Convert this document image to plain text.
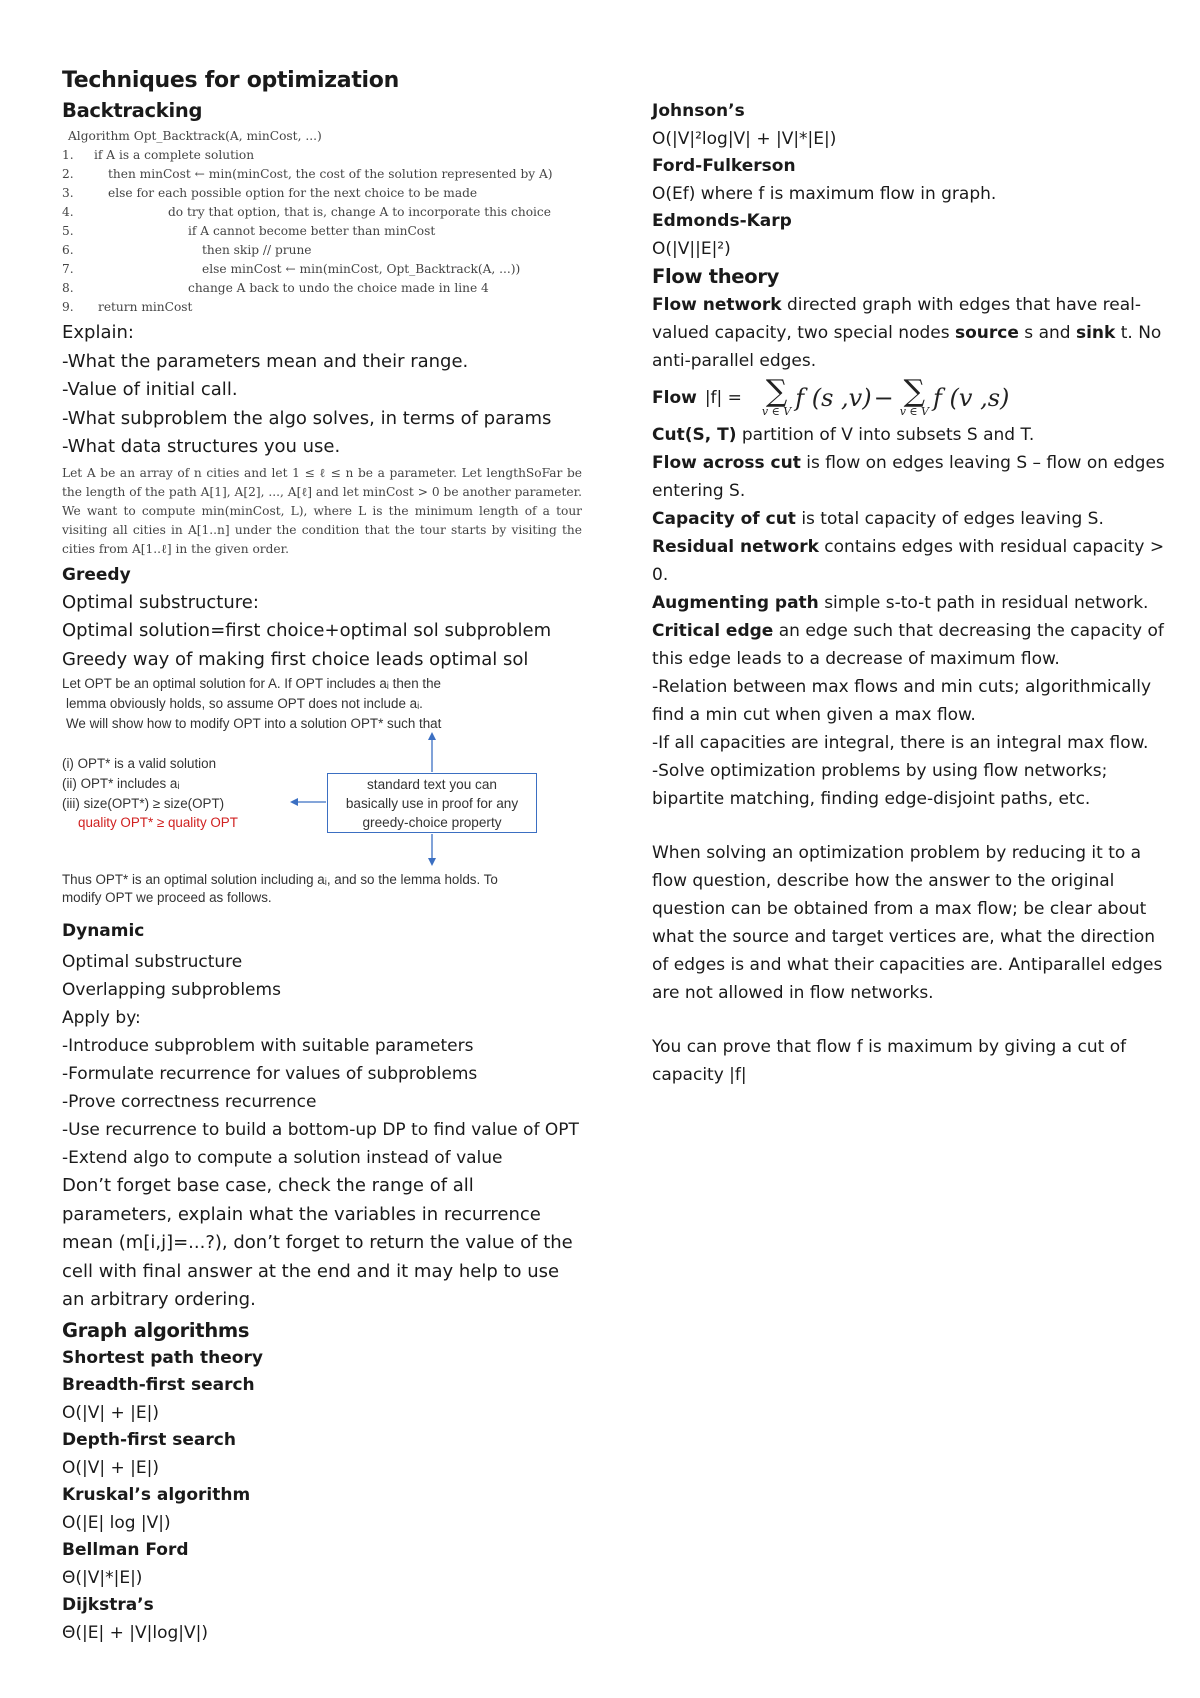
Techniques for optimization
Backtracking
Algorithm Opt_Backtrack(A, minCost, ...)
1.	if A is a complete solution
2.	then minCost ← min(minCost, the cost of the solution represented by A)
3.	else for each possible option for the next choice to be made
4.	do try that option, that is, change A to incorporate this choice
5.	if A cannot become better than minCost
6.	then skip // prune
7.	else minCost ← min(minCost, Opt_Backtrack(A, ...))
8.	change A back to undo the choice made in line 4
9.	return minCost
Explain:
-What the parameters mean and their range.
-Value of initial call.
-What subproblem the algo solves, in terms of params
-What data structures you use.

Let A be an array of n cities and let 1 ≤ ℓ ≤ n be a parameter. Let lengthSoFar be the length of the path A[1], A[2], ..., A[ℓ] and let minCost > 0 be another parameter. We want to compute min(minCost, L), where L is the minimum length of a tour visiting all cities in A[1..n] under the condition that the tour starts by visiting the cities from A[1..ℓ] in the given order.

Greedy
Optimal substructure:
Optimal solution=first choice+optimal sol subproblem
Greedy way of making first choice leads optimal sol
Let OPT be an optimal solution for A. If OPT includes aᵢ then the
lemma obviously holds, so assume OPT does not include aᵢ.
We will show how to modify OPT into a solution OPT* such that
(i) OPT* is a valid solution
(ii) OPT* includes aᵢ
(iii) size(OPT*) ≥ size(OPT)
quality OPT* ≥ quality OPT
standard text you can
basically use in proof for any
greedy-choice property
Thus OPT* is an optimal solution including aᵢ, and so the lemma holds. To
modify OPT we proceed as follows.
Dynamic
Optimal substructure
Overlapping subproblems
Apply by:
-Introduce subproblem with suitable parameters
-Formulate recurrence for values of subproblems
-Prove correctness recurrence
-Use recurrence to build a bottom-up DP to find value of OPT
-Extend algo to compute a solution instead of value
Don’t forget base case, check the range of all parameters, explain what the variables in recurrence mean (m[i,j]=...?), don’t forget to return the value of the cell with final answer at the end and it may help to use an arbitrary ordering.
Graph algorithms
Shortest path theory
Breadth-first search
O(|V| + |E|)
Depth-first search
O(|V| + |E|)
Kruskal’s algorithm
O(|E| log |V|)
Bellman Ford
Θ(|V|*|E|)
Dijkstra’s
Θ(|E| + |V|log|V|)
Johnson’s
O(|V|²log|V| + |V|*|E|)
Ford-Fulkerson
O(Ef) where f is maximum flow in graph.
Edmonds-Karp
O(|V||E|²)
Flow theory
Flow network directed graph with edges that have real-valued capacity, two special nodes source s and sink t. No anti-parallel edges.
Flow |f| = ∑
v ∈ V f (s ,v) − ∑
v ∈ V f (v ,s)
Cut(S, T) partition of V into subsets S and T.
Flow across cut is flow on edges leaving S – flow on edges entering S.
Capacity of cut is total capacity of edges leaving S.
Residual network contains edges with residual capacity > 0.
Augmenting path simple s-to-t path in residual network.
Critical edge an edge such that decreasing the capacity of this edge leads to a decrease of maximum flow.
-Relation between max flows and min cuts; algorithmically find a min cut when given a max flow.
-If all capacities are integral, there is an integral max flow.
-Solve optimization problems by using flow networks; bipartite matching, finding edge-disjoint paths, etc.
When solving an optimization problem by reducing it to a flow question, describe how the answer to the original question can be obtained from a max flow; be clear about what the source and target vertices are, what the direction of edges is and what their capacities are. Antiparallel edges are not allowed in flow networks.
You can prove that flow f is maximum by giving a cut of capacity |f|
